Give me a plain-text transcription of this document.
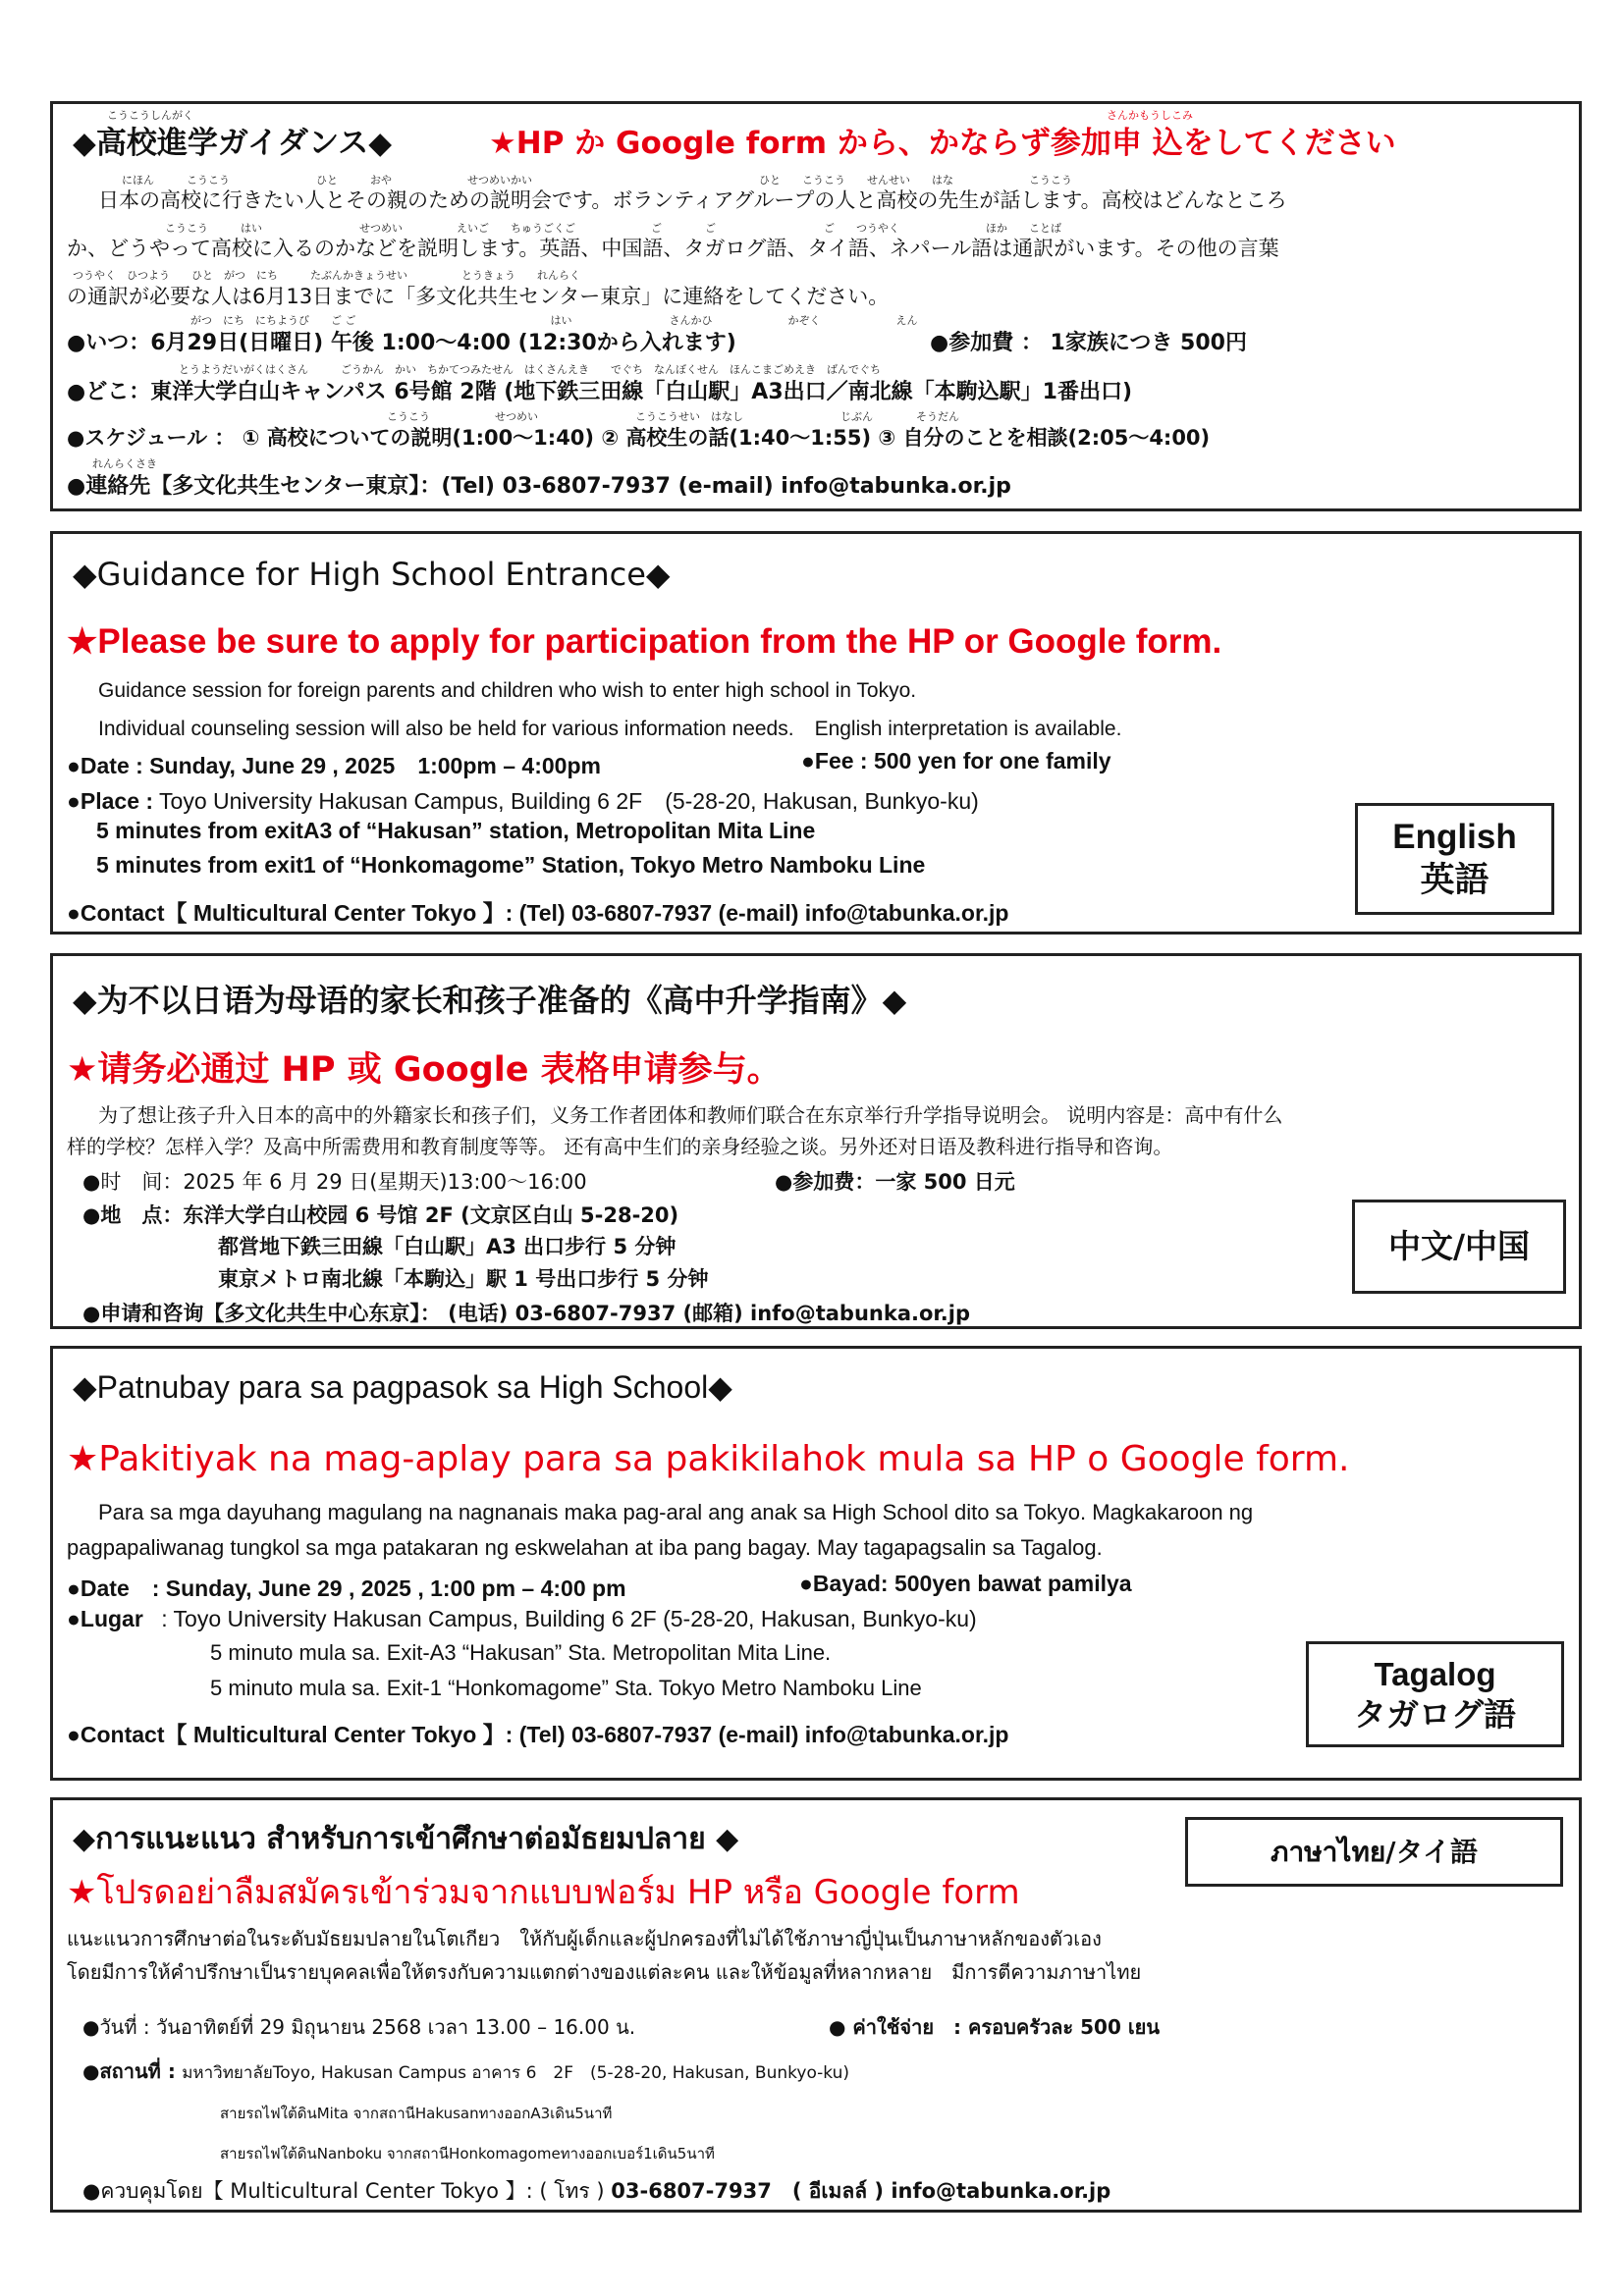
こうこうしんがく	さんかもうしこみ
◆高校進学ガイダンス◆	★HP か Google form から、かならず参加申 込をしてください
にほん　　　こうこう　　　　　　　　ひと　　　おや　　　　　　　せつめいかい　　　　　　　　　　　　　　　　　　　　　ひと　　こうこう　　せんせい　　はな　　　　　　　こうこう
日本の高校に行きたい人とその親のための説明会です。ボランティアグループの人と高校の先生が話します。高校はどんなところ
　　　　こうこう　　　はい　　　　　　　　　せつめい　　　　　えいご　　ちゅうごくご　　　　　　　ご　　　　ご　　　　　　　　　　ご　　つうやく　　　　　　　　ほか　　ことば
か、どうやって高校に入るのかなどを説明します。英語、中国語、タガログ語、タイ語、ネパール語は通訳がいます。その他の言葉
つうやく　ひつよう　　ひと　がつ　にち　　　たぶんかきょうせい　　　　　とうきょう　　れんらく
の通訳が必要な人は6月13日までに「多文化共生センター東京」に連絡をしてください。
がつ　にち　にちようび　　ご ご　　　　　　　　　　　　　　　　　　はい　　　　　　　　　さんかひ　　　　　　　かぞく　　　　　　　えん
●いつ：6月29日(日曜日) 午後 1:00〜4:00 (12:30から入れます)	●参加費 ： 1家族につき 500円
とうようだいがくはくさん　　　ごうかん　かい　ちかてつみたせん　はくさんえき　　でぐち　なんぼくせん　ほんこまごめえき　ばんでぐち
●どこ：東洋大学白山キャンパス 6号館 2階 (地下鉄三田線「白山駅」A3出口／南北線「本駒込駅」1番出口)
こうこう　　　　　　せつめい　　　　　　　　　こうこうせい　はなし　　　　　　　　　じぶん　　　　そうだん
●スケジュール ： ① 高校についての説明(1:00〜1:40) ② 高校生の話(1:40〜1:55) ③ 自分のことを相談(2:05〜4:00)
れんらくさき
●連絡先【多文化共生センター東京】：(Tel) 03-6807-7937 (e-mail) info@tabunka.or.jp
◆Guidance for High School Entrance◆
★Please be sure to apply for participation from the HP or Google form.
Guidance session for foreign parents and children who wish to enter high school in Tokyo.
Individual counseling session will also be held for various information needs.　English interpretation is available.
●Date : Sunday, June 29 , 2025　1:00pm – 4:00pm	●Fee : 500 yen for one family
●Place : Toyo University Hakusan Campus, Building 6 2F　(5-28-20, Hakusan, Bunkyo-ku)
5 minutes from exitA3 of “Hakusan” station, Metropolitan Mita Line
5 minutes from exit1 of “Honkomagome” Station, Tokyo Metro Namboku Line
●Contact【 Multicultural Center Tokyo 】: (Tel) 03-6807-7937 (e-mail) info@tabunka.or.jp
English
英語
◆为不以日语为母语的家长和孩子准备的《高中升学指南》◆
★请务必通过 HP 或 Google 表格申请参与。
为了想让孩子升入日本的高中的外籍家长和孩子们，义务工作者团体和教师们联合在东京举行升学指导说明会。 说明内容是：高中有什么
样的学校？怎样入学？及高中所需费用和教育制度等等。 还有高中生们的亲身经验之谈。另外还对日语及教科进行指导和咨询。
●时　间：2025 年 6 月 29 日(星期天)13:00〜16:00	●参加费：一家 500 日元
●地　点：东洋大学白山校园 6 号馆 2F (文京区白山 5-28-20)
都営地下鉄三田線「白山駅」A3 出口步行 5 分钟
東京メトロ南北線「本駒込」駅 1 号出口步行 5 分钟
●申请和咨询【多文化共生中心东京】： (电话) 03-6807-7937 (邮箱) info@tabunka.or.jp
中文/中国
◆Patnubay para sa pagpasok sa High School◆
★Pakitiyak na mag-aplay para sa pakikilahok mula sa HP o Google form.
Para sa mga dayuhang magulang na nagnanais maka pag-aral ang anak sa High School dito sa Tokyo. Magkakaroon ng
pagpapaliwanag tungkol sa mga patakaran ng eskwelahan at iba pang bagay. May tagapagsalin sa Tagalog.
●Date　: Sunday, June 29 , 2025 , 1:00 pm – 4:00 pm	●Bayad: 500yen bawat pamilya
●Lugar : Toyo University Hakusan Campus, Building 6 2F (5-28-20, Hakusan, Bunkyo-ku)
5 minuto mula sa. Exit-A3 “Hakusan” Sta. Metropolitan Mita Line.
5 minuto mula sa. Exit-1 “Honkomagome” Sta. Tokyo Metro Namboku Line
●Contact【 Multicultural Center Tokyo 】: (Tel) 03-6807-7937 (e-mail) info@tabunka.or.jp
Tagalog
タガログ語
◆การแนะแนว สำหรับการเข้าศึกษาต่อมัธยมปลาย ◆
★โปรดอย่าลืมสมัครเข้าร่วมจากแบบฟอร์ม HP หรือ Google form
แนะแนวการศึกษาต่อในระดับมัธยมปลายในโตเกียว　ให้กับผู้เด็กและผู้ปกครองที่ไม่ได้ใช้ภาษาญี่ปุ่นเป็นภาษาหลักของตัวเอง
โดยมีการให้คำปรึกษาเป็นรายบุคคลเพื่อให้ตรงกับความแตกต่างของแต่ละคน และให้ข้อมูลที่หลากหลาย　มีการตีความภาษาไทย
●วันที่ : วันอาทิตย์ที่ 29 มิถุนายน 2568 เวลา 13.00 – 16.00 น.	● ค่าใช้จ่าย　: ครอบครัวละ 500 เยน
●สถานที่ : มหาวิทยาลัยToyo, Hakusan Campus อาคาร 6　2F　(5-28-20, Hakusan, Bunkyo-ku)
สายรถไฟใต้ดินMita จากสถานีHakusanทางออกA3เดิน5นาที
สายรถไฟใต้ดินNanboku จากสถานีHonkomagomeทางออกเบอร์1เดิน5นาที
●ควบคุมโดย【 Multicultural Center Tokyo 】: ( โทร ) 03-6807-7937　( อีเมลล์ ) info@tabunka.or.jp
ภาษาไทย/タイ語
